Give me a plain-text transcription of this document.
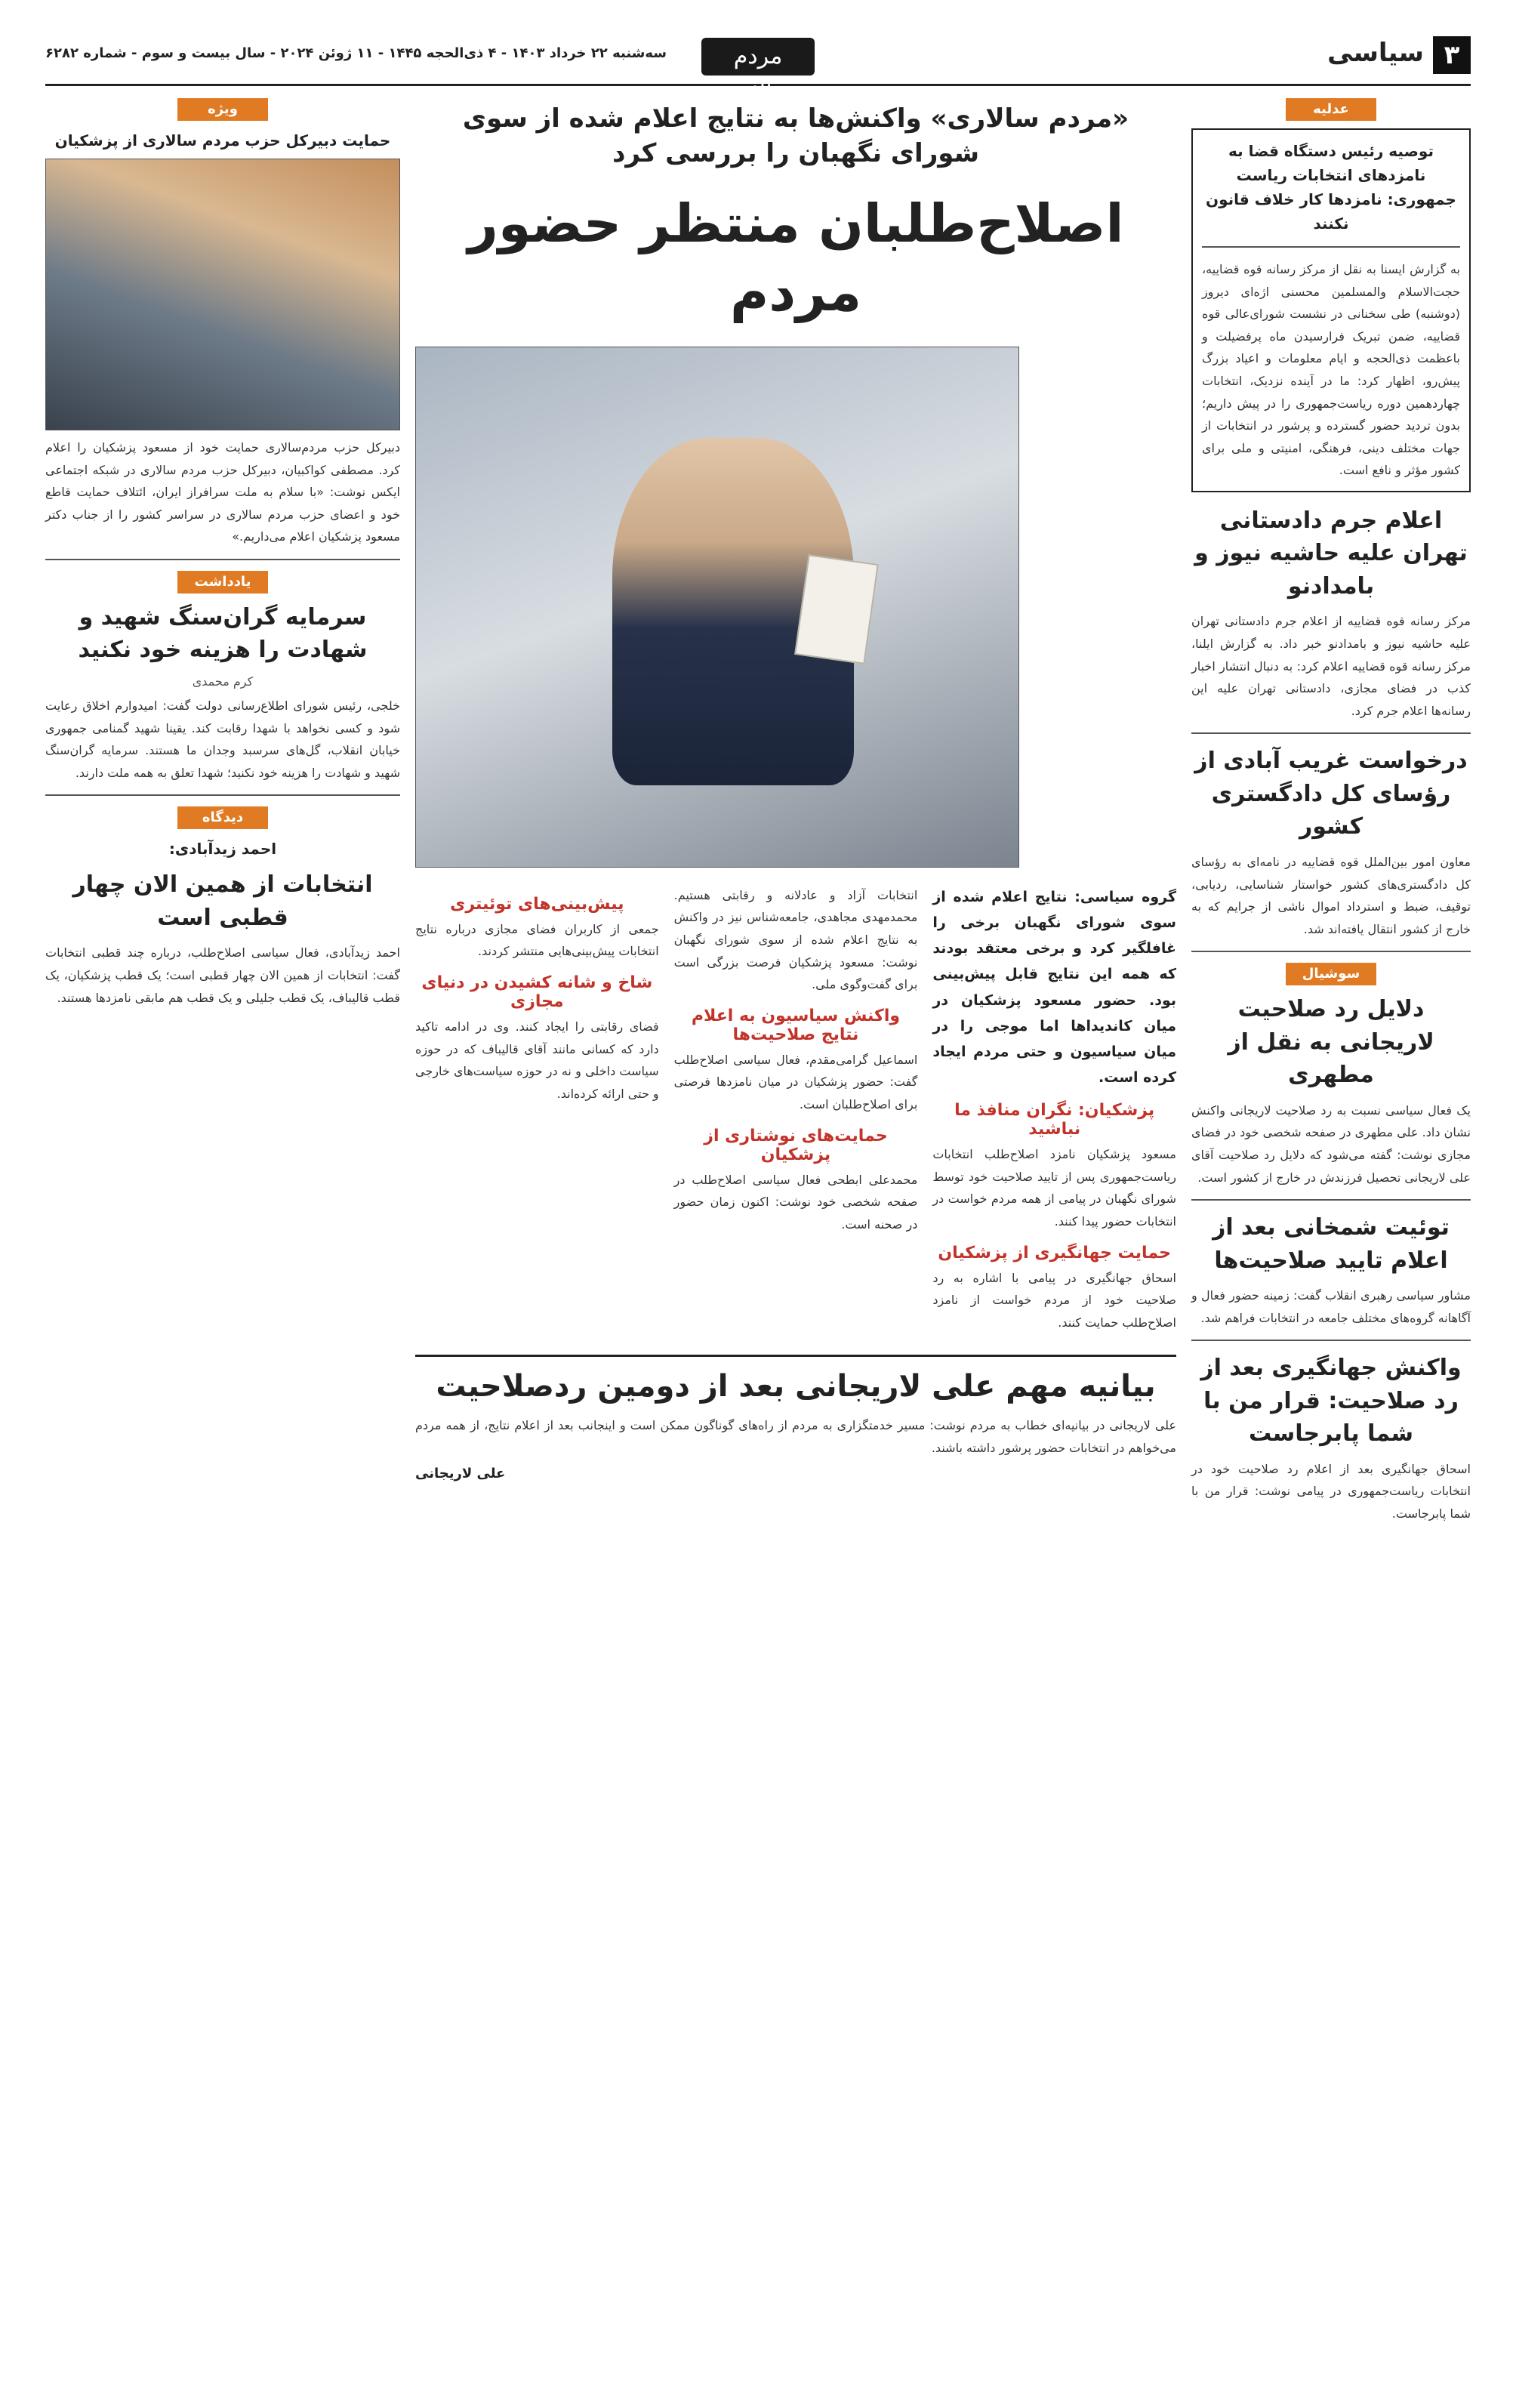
۳
سیاسی
مردم سالاری
سه‌شنبه ۲۲ خرداد ۱۴۰۳ - ۴ ذی‌الحجه ۱۴۴۵ - ۱۱ ژوئن ۲۰۲۴ - سال بیست و سوم - شماره ۶۲۸۲
عدلیه
توصیه رئیس دستگاه قضا به نامزدهای انتخابات ریاست جمهوری: نامزدها کار خلاف قانون نکنند

به گزارش ایسنا به نقل از مرکز رسانه قوه قضاییه، حجت‌الاسلام والمسلمین محسنی اژه‌ای دیروز (دوشنبه) طی سخنانی در نشست شورای‌عالی قوه قضاییه، ضمن تبریک فرارسیدن ماه پرفضیلت و باعظمت ذی‌الحجه و ایام معلومات و اعیاد بزرگ پیش‌رو، اظهار کرد: ما در آینده نزدیک، انتخابات چهاردهمین دوره ریاست‌جمهوری را در پیش داریم؛ بدون تردید حضور گسترده و پرشور در انتخابات از جهات مختلف دینی، فرهنگی، امنیتی و ملی برای کشور مؤثر و نافع است.

اعلام جرم دادستانی تهران علیه حاشیه نیوز و بامدادنو

مرکز رسانه قوه قضاییه از اعلام جرم دادستانی تهران علیه حاشیه نیوز و بامدادنو خبر داد. به گزارش ایلنا، مرکز رسانه قوه قضاییه اعلام کرد: به دنبال انتشار اخبار کذب در فضای مجازی، دادستانی تهران علیه این رسانه‌ها اعلام جرم کرد.

درخواست غریب آبادی از رؤسای کل دادگستری کشور

معاون امور بین‌الملل قوه قضاییه در نامه‌ای به رؤسای کل دادگستری‌های کشور خواستار شناسایی، ردیابی، توقیف، ضبط و استرداد اموال ناشی از جرایم که به خارج از کشور انتقال یافته‌اند شد.

سوشیال
دلایل رد صلاحیت لاریجانی به نقل از مطهری

یک فعال سیاسی نسبت به رد صلاحیت لاریجانی واکنش نشان داد. علی مطهری در صفحه شخصی خود در فضای مجازی نوشت: گفته می‌شود که دلایل رد صلاحیت آقای علی لاریجانی تحصیل فرزندش در خارج از کشور است.

توئیت شمخانی بعد از اعلام تایید صلاحیت‌ها

مشاور سیاسی رهبری انقلاب گفت: زمینه حضور فعال و آگاهانه گروه‌های مختلف جامعه در انتخابات فراهم شد.

واکنش جهانگیری بعد از رد صلاحیت: قرار من با شما پابرجاست

اسحاق جهانگیری بعد از اعلام رد صلاحیت خود در انتخابات ریاست‌جمهوری در پیامی نوشت: قرار من با شما پابرجاست.

«مردم سالاری» واکنش‌ها به نتایج اعلام شده از سوی شورای نگهبان را بررسی کرد
اصلاح‌طلبان منتظر حضور مردم

گروه سیاسی: نتایج اعلام شده از سوی شورای نگهبان برخی را غافلگیر کرد و برخی معتقد بودند که همه این نتایج قابل پیش‌بینی بود. حضور مسعود پزشکیان در میان کاندیداها اما موجی را در میان سیاسیون و حتی مردم ایجاد کرده است.

پزشکیان: نگران منافذ ما نباشید

مسعود پزشکیان نامزد اصلاح‌طلب انتخابات ریاست‌جمهوری پس از تایید صلاحیت خود توسط شورای نگهبان در پیامی از همه مردم خواست در انتخابات حضور پیدا کنند.

حمایت جهانگیری از پزشکیان

اسحاق جهانگیری در پیامی با اشاره به رد صلاحیت خود از مردم خواست از نامزد اصلاح‌طلب حمایت کنند.

انتخابات آزاد و عادلانه و رقابتی هستیم. محمدمهدی مجاهدی، جامعه‌شناس نیز در واکنش به نتایج اعلام شده از سوی شورای نگهبان نوشت: مسعود پزشکیان فرصت بزرگی است برای گفت‌وگوی ملی.

واکنش سیاسیون به اعلام نتایج صلاحیت‌ها

اسماعیل گرامی‌مقدم، فعال سیاسی اصلاح‌طلب گفت: حضور پزشکیان در میان نامزدها فرصتی برای اصلاح‌طلبان است.

حمایت‌های نوشتاری از پزشکیان

محمدعلی ابطحی فعال سیاسی اصلاح‌طلب در صفحه شخصی خود نوشت: اکنون زمان حضور در صحنه است.

پیش‌بینی‌های توئیتری

جمعی از کاربران فضای مجازی درباره نتایج انتخابات پیش‌بینی‌هایی منتشر کردند.

شاخ و شانه کشیدن در دنیای مجازی

فضای رقابتی را ایجاد کنند. وی در ادامه تاکید دارد که کسانی مانند آقای قالیباف که در حوزه سیاست داخلی و نه در حوزه سیاست‌های خارجی و حتی ارائه کرده‌اند.

بیانیه مهم علی لاریجانی بعد از دومین ردصلاحیت

علی لاریجانی در بیانیه‌ای خطاب به مردم نوشت: مسیر خدمتگزاری به مردم از راه‌های گوناگون ممکن است و اینجانب بعد از اعلام نتایج، از همه مردم می‌خواهم در انتخابات حضور پرشور داشته باشند.

علی لاریجانی
ویژه
حمایت دبیرکل حزب مردم سالاری از پزشکیان

دبیرکل حزب مردم‌سالاری حمایت خود از مسعود پزشکیان را اعلام کرد. مصطفی کواکبیان، دبیرکل حزب مردم سالاری در شبکه اجتماعی ایکس نوشت: «با سلام به ملت سرافراز ایران، ائتلاف حمایت قاطع خود و اعضای حزب مردم سالاری در سراسر کشور را از جناب دکتر مسعود پزشکیان اعلام می‌داریم.»

یادداشت
سرمایه گران‌سنگ شهید و شهادت را هزینه خود نکنید
کرم محمدی

خلجی، رئیس شورای اطلاع‌رسانی دولت گفت: امیدوارم اخلاق رعایت شود و کسی نخواهد با شهدا رقابت کند. یقینا شهید گمنامی جمهوری خیابان انقلاب، گل‌های سرسبد وجدان ما هستند. سرمایه گران‌سنگ شهید و شهادت را هزینه خود نکنید؛ شهدا تعلق به همه ملت دارند.

دیدگاه
احمد زیدآبادی:
انتخابات از همین الان چهار قطبی است

احمد زیدآبادی، فعال سیاسی اصلاح‌طلب، درباره چند قطبی انتخابات گفت: انتخابات از همین الان چهار قطبی است؛ یک قطب پزشکیان، یک قطب قالیباف، یک قطب جلیلی و یک قطب هم مابقی نامزدها هستند.
